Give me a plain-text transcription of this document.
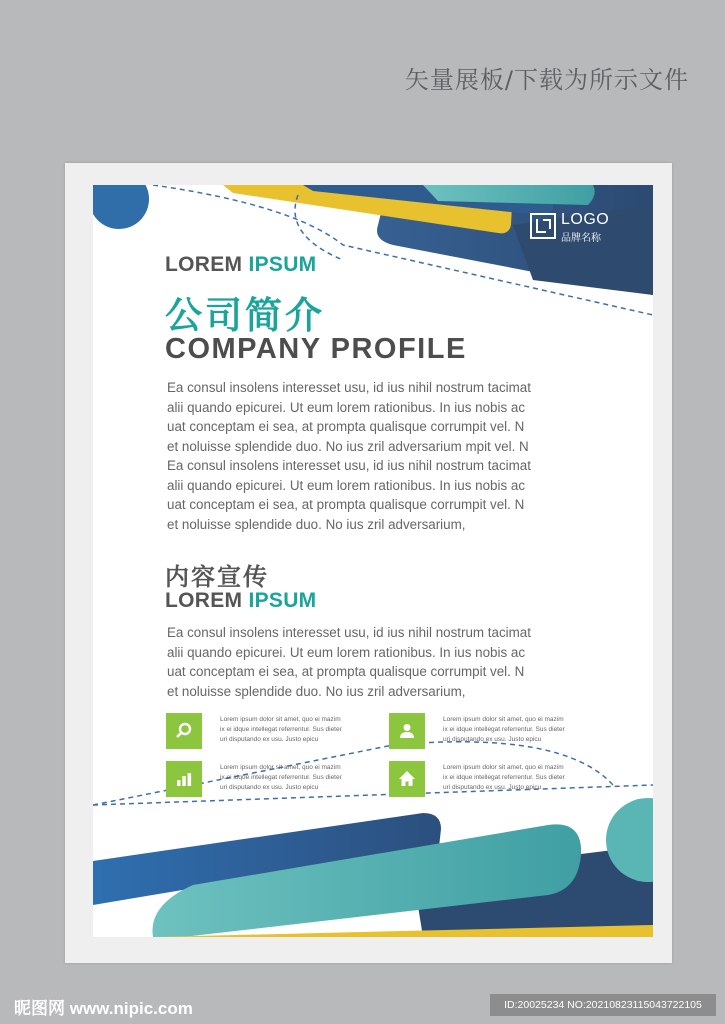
矢量展板/下载为所示文件
LOGO
品牌名称
LOREM IPSUM
公司简介
COMPANY PROFILE
Ea consul insolens interesset usu, id ius nihil nostrum tacimat
alii quando epicurei. Ut eum lorem rationibus. In ius nobis ac
uat conceptam ei sea, at prompta qualisque corrumpit vel. N
et noluisse splendide duo. No ius zril adversarium mpit vel. N
Ea consul insolens interesset usu, id ius nihil nostrum tacimat
alii quando epicurei. Ut eum lorem rationibus. In ius nobis ac
uat conceptam ei sea, at prompta qualisque corrumpit vel. N
et noluisse splendide duo. No ius zril adversarium,
内容宣传
LOREM IPSUM
Ea consul insolens interesset usu, id ius nihil nostrum tacimat
alii quando epicurei. Ut eum lorem rationibus. In ius nobis ac
uat conceptam ei sea, at prompta qualisque corrumpit vel. N
et noluisse splendide duo. No ius zril adversarium,
Lorem ipsum dolor sit amet, quo ei mazim
ix ei idque intellegat referrentur. Sus dieter
uri disputando ex usu. Justo epicu
Lorem ipsum dolor sit amet, quo ei mazim
ix ei idque intellegat referrentur. Sus dieter
uri disputando ex usu. Justo epicu
Lorem ipsum dolor sit amet, quo ei mazim
ix ei idque intellegat referrentur. Sus dieter
uri disputando ex usu. Justo epicu
Lorem ipsum dolor sit amet, quo ei mazim
ix ei idque intellegat referrentur. Sus dieter
uri disputando ex usu. Justo epicu
昵图网 www.nipic.com	ID:20025234 NO:20210823115043722105
